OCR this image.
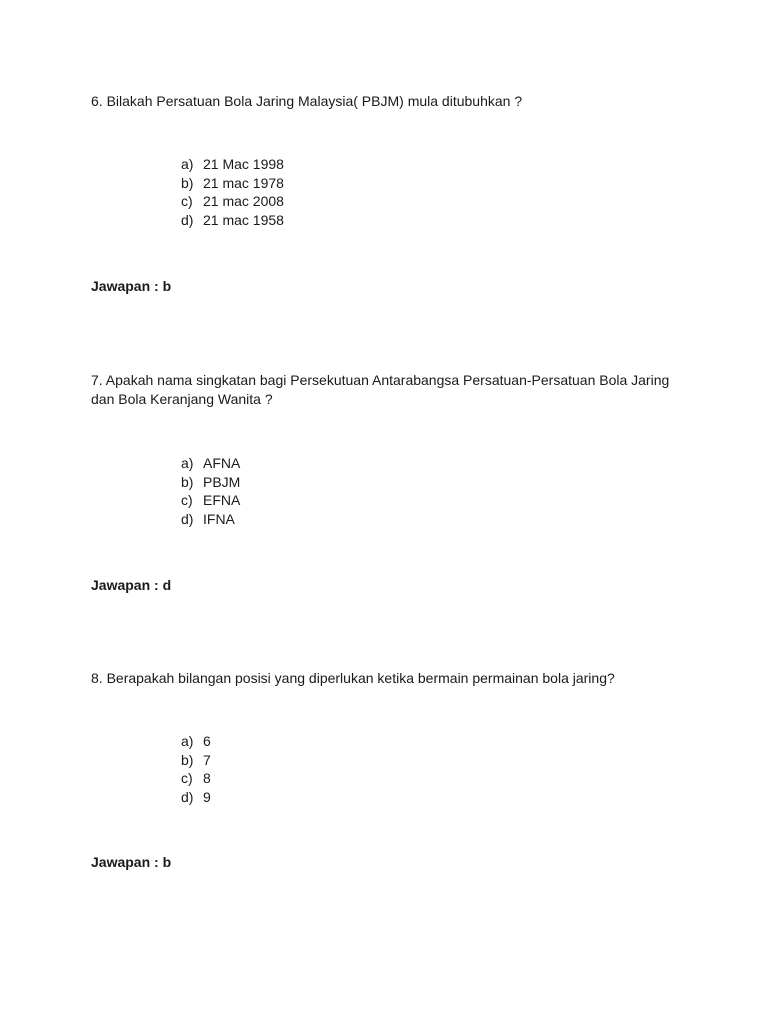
6. Bilakah Persatuan Bola Jaring Malaysia( PBJM) mula ditubuhkan ?

a) 21 Mac 1998
b) 21 mac 1978
c) 21 mac 2008
d) 21 mac 1958
Jawapan : b

7. Apakah nama singkatan bagi Persekutuan Antarabangsa Persatuan-Persatuan Bola Jaring dan Bola Keranjang Wanita ?

a) AFNA
b) PBJM
c) EFNA
d) IFNA
Jawapan : d

8. Berapakah bilangan posisi yang diperlukan ketika bermain permainan bola jaring?

a) 6
b) 7
c) 8
d) 9
Jawapan : b
